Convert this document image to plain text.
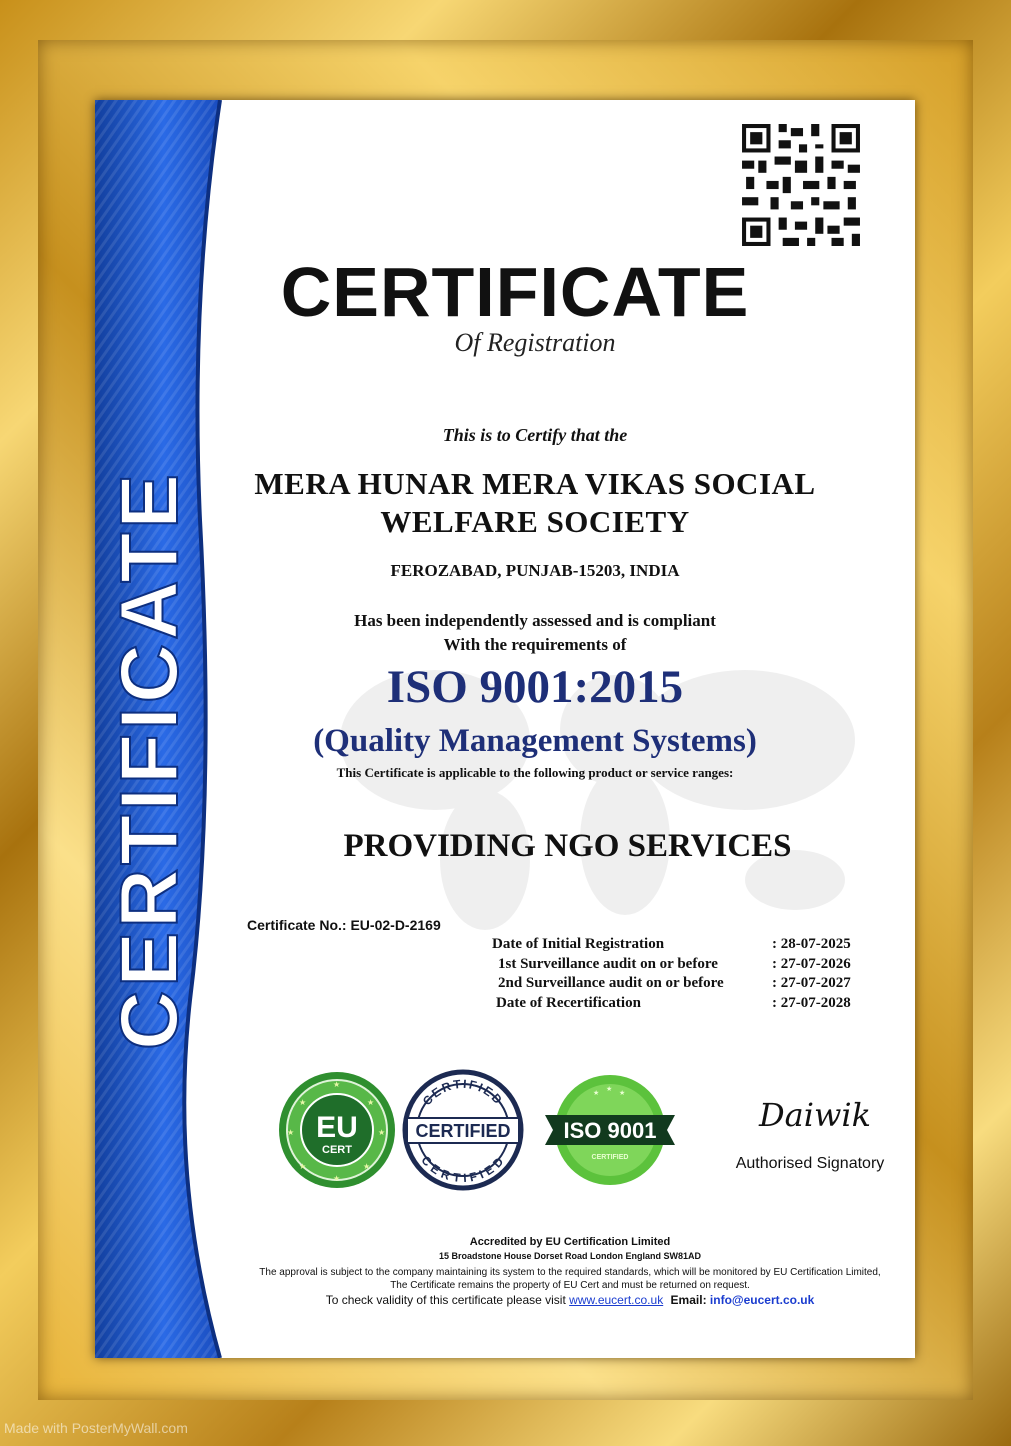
CERTIFICATE
CERTIFICATE
Of Registration
This is to Certify that the
MERA HUNAR MERA VIKAS SOCIAL
WELFARE SOCIETY
FEROZABAD, PUNJAB-15203, INDIA
Has been independently assessed and is compliant
With the requirements of
ISO 9001:2015
(Quality Management Systems)
This Certificate is applicable to the following product or service ranges:
PROVIDING NGO SERVICES
Certificate No.: EU-02-D-2169
Date of Initial Registration	: 28-07-2025
1st Surveillance audit on or before	: 27-07-2026
2nd Surveillance audit on or before	: 27-07-2027
Date of Recertification	: 27-07-2028
★
★
★
★
★
★
★
★
EU
CERT
CERTIFIED
CERTIFIED
CERTIFIED
★ ★ ★
ISO 9001
CERTIFIED
Daiwik
Authorised Signatory
Accredited by EU Certification Limited
15 Broadstone House Dorset Road London England SW81AD
The approval is subject to the company maintaining its system to the required standards, which will be monitored by EU Certification Limited,
The Certificate remains the property of EU Cert and must be returned on request.
To check validity of this certificate please visit www.eucert.co.uk Email: info@eucert.co.uk
Made with PosterMyWall.com
